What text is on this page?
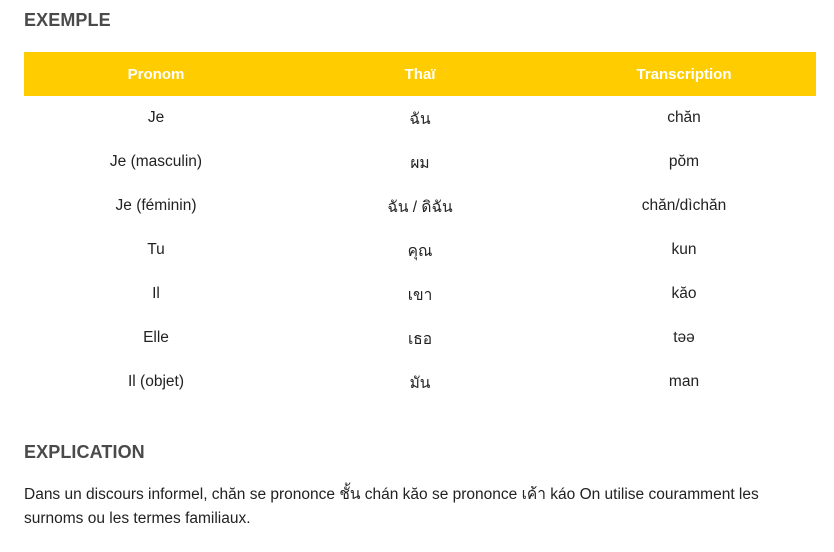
EXEMPLE
Pronom	Thaï	Transcription
Je	ฉัน	chăn
Je (masculin)	ผม	pŏm
Je (féminin)	ฉัน / ดิฉัน	chăn/dìchăn
Tu	คุณ	kun
Il	เขา	kăo
Elle	เธอ	təə
Il (objet)	มัน	man
EXPLICATION

Dans un discours informel, chăn se prononce ชั้น chán kăo se prononce เค้า káo On utilise couramment les surnoms ou les termes familiaux.
